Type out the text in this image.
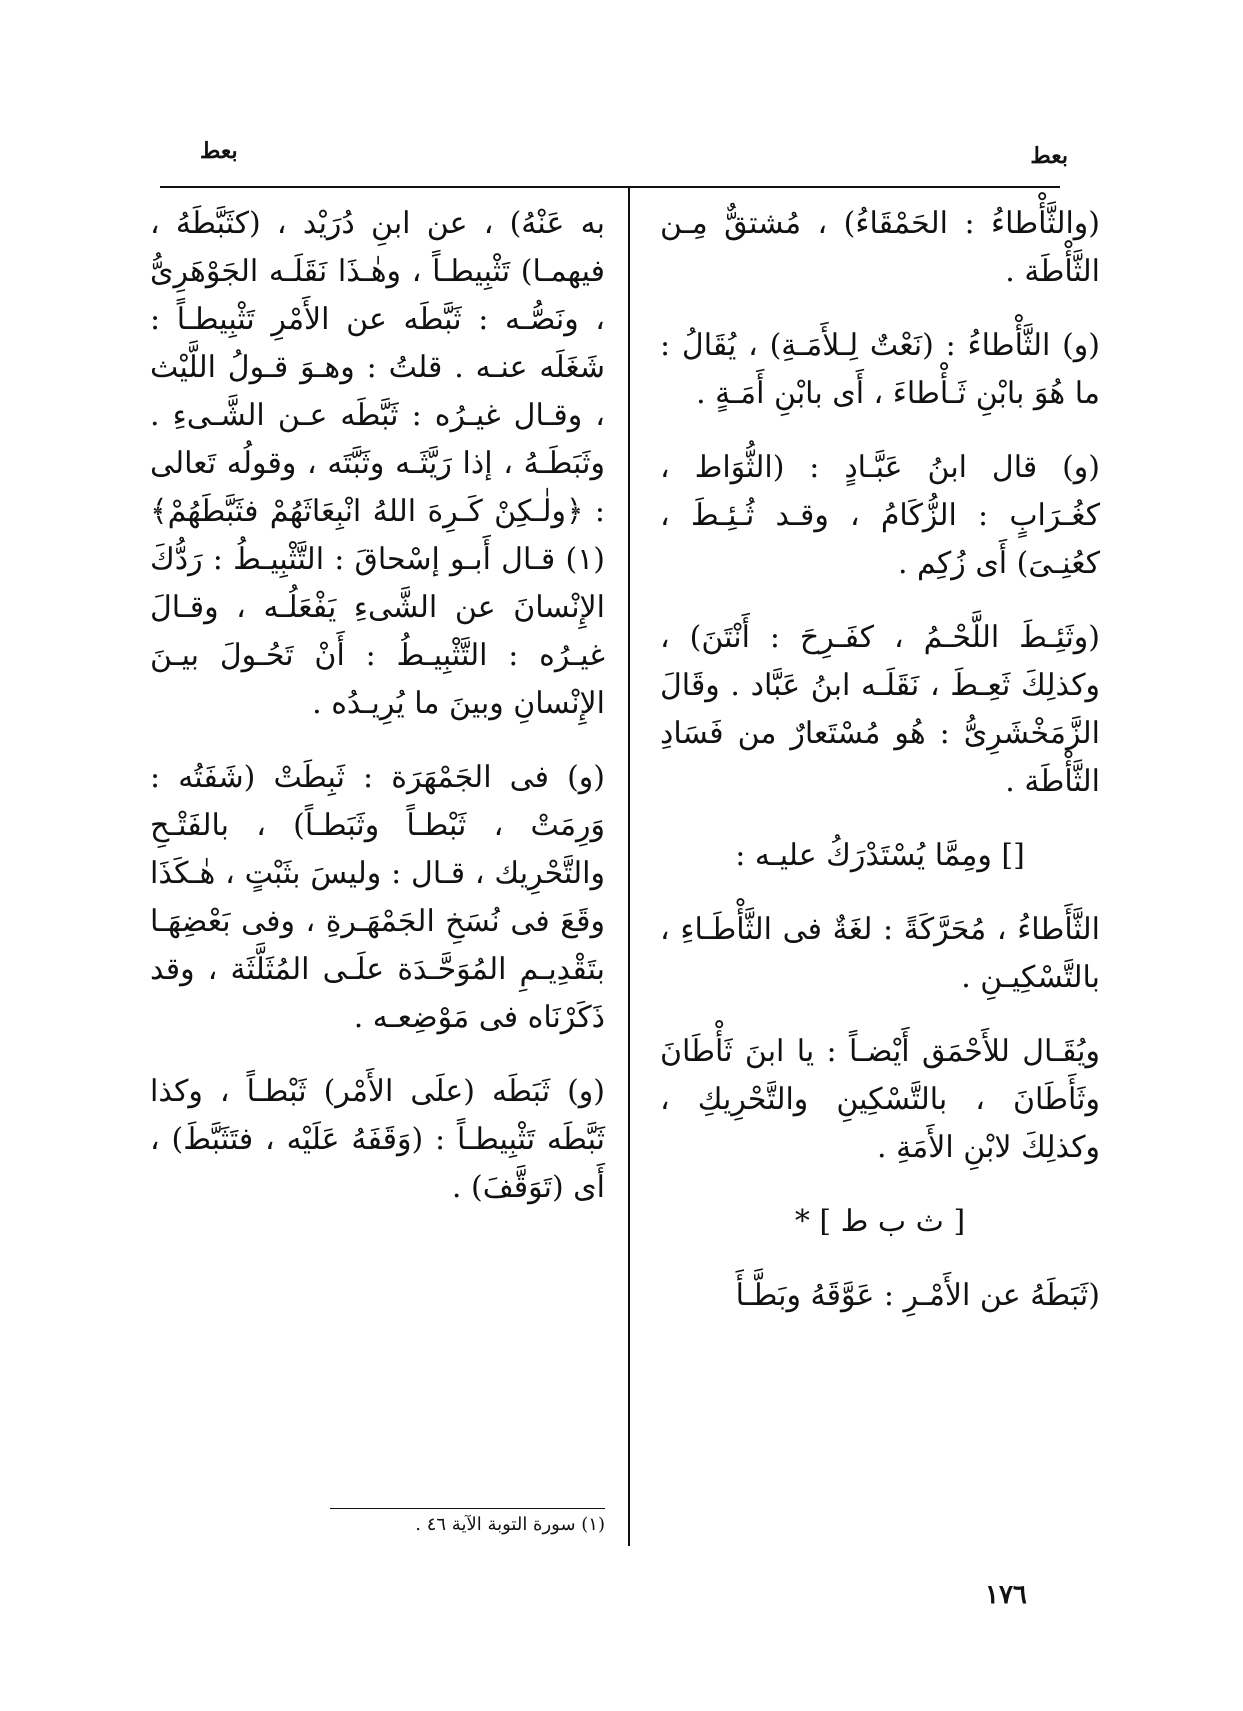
بعط	بعط

(والثَّأْطاءُ : الحَمْقَاءُ) ، مُشتقٌّ مِـن الثَّأْطَة .

(و) الثَّأْطاءُ : (نَعْتٌ لِـلأَمَـةِ) ، يُقَالُ : ما هُوَ بابْنِ ثَـأْطاءَ ، أَى بابْنِ أَمَـةٍ .

(و) قال ابنُ عَبَّـادٍ : (الثُّوَاط ، كغُـرَابٍ : الزُّكَامُ ، وقـد ثُـئِـطَ ، كعُنِـىَ) أَى زُكِم .

(وثَئِـطَ اللَّحْـمُ ، كفَـرِحَ : أَنْتَنَ) ، وكذلِكَ ثَعِـطَ ، نَقَلَـه ابنُ عَبَّاد . وقَالَ الزَّمَخْشَرِىُّ : هُو مُسْتَعارٌ من فَسَادِ الثَّأْطَة .

[] ومِمَّا يُسْتَدْرَكُ عليـه :

الثَّأَطاءُ ، مُحَرَّكَةً : لغَةٌ فى الثَّأْطَـاءِ ، بالتَّسْكِيـنِ .

ويُقَـال للأَحْمَق أَيْضـاً : يا ابنَ ثَأْطَانَ وثَأَطَانَ ، بالتَّسْكِينِ والتَّحْرِيكِ ، وكذلِكَ لابْنِ الأَمَةِ .

[ ث ب ط ] *

(ثَبَطَهُ عن الأَمْـرِ : عَوَّقَهُ وبَطَّـأَ

به عَنْهُ) ، عن ابنِ دُرَيْد ، (كثَبَّطَهُ ، فيهمـا) تَثْبِيطـاً ، وهٰـذَا نَقَلَـه الجَوْهَرِىُّ ، ونَصُّـه : ثَبَّطَه عن الأَمْرِ تَثْبِيطـاً : شَغَلَه عنـه . قلتُ : وهـوَ قـولُ اللَّيْث ، وقـال غيـرُه : ثَبَّطَه عـن الشَّـىءِ . وثَبَطَـهُ ، إذا رَيَّثَـه وثَبَّتَه ، وقولُه تَعالى : ﴿ولٰـكِنْ كَـرِهَ اللهُ انْبِعَاثَهُمْ فثَبَّطَهُمْ﴾ (١) قـال أَبـو إسْحاقَ : التَّثْبِيـطُ : رَدُّكَ الإِنْسانَ عن الشَّىءِ يَفْعَلُـه ، وقـالَ غيـرُه : التَّثْبِيـطُ : أَنْ تَحُـولَ بيـنَ الإِنْسانِ وبينَ ما يُرِيـدُه .

(و) فى الجَمْهَرَة : ثَبِطَتْ (شَفَتُه : وَرِمَتْ ، ثَبْطـاً وثَبَطـاً) ، بالفَتْـحِ والتَّحْرِيك ، قـال : وليسَ بثَبْتٍ ، هٰـكَذَا وقَعَ فى نُسَخِ الجَمْهَـرةِ ، وفى بَعْضِهَـا بتَقْدِيـمِ المُوَحَّـدَة علَـى المُثَلَّثَة ، وقد ذَكَرْنَاه فى مَوْضِعـه .

(و) ثَبَطَه (علَى الأَمْر) ثَبْطـاً ، وكذا ثَبَّطَه تَثْبِيطـاً : (وَقَفَهُ عَلَيْه ، فتَثَبَّطَ) ، أَى (تَوَقَّفَ) .

(١) سورة التوبة الآية ٤٦ .
١٧٦
